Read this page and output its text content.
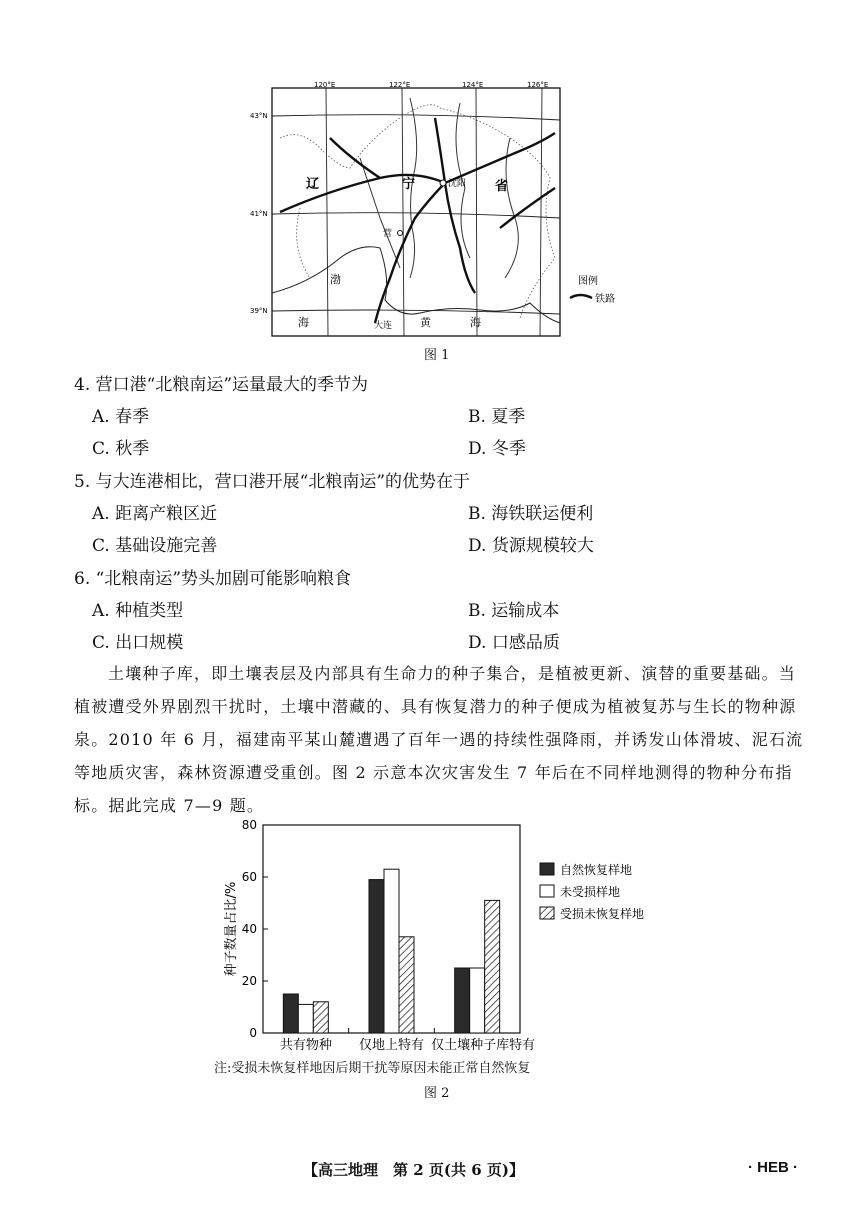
120°E	122°E	124°E	126°E
43°N
41°N
39°N
辽	宁	省
沈阳
营
大连
渤
海	黄	海
图例
铁路
图 1
4. 营口港“北粮南运”运量最大的季节为
A. 春季	B. 夏季
C. 秋季	D. 冬季
5. 与大连港相比，营口港开展“北粮南运”的优势在于
A. 距离产粮区近	B. 海铁联运便利
C. 基础设施完善	D. 货源规模较大
6. “北粮南运”势头加剧可能影响粮食
A. 种植类型	B. 运输成本
C. 出口规模	D. 口感品质

土壤种子库，即土壤表层及内部具有生命力的种子集合，是植被更新、演替的重要基础。当植被遭受外界剧烈干扰时，土壤中潜藏的、具有恢复潜力的种子便成为植被复苏与生长的物种源泉。2010 年 6 月，福建南平某山麓遭遇了百年一遇的持续性强降雨，并诱发山体滑坡、泥石流等地质灾害，森林资源遭受重创。图 2 示意本次灾害发生 7 年后在不同样地测得的物种分布指标。据此完成 7—9 题。

0
20
40
60
80
种子数量占比/%
共有物种 仅地上特有 仅土壤种子库特有
自然恢复样地
未受损样地
受损未恢复样地
注:受损未恢复样地因后期干扰等原因未能正常自然恢复
图 2
【高三地理　第 2 页(共 6 页)】	· HEB ·
